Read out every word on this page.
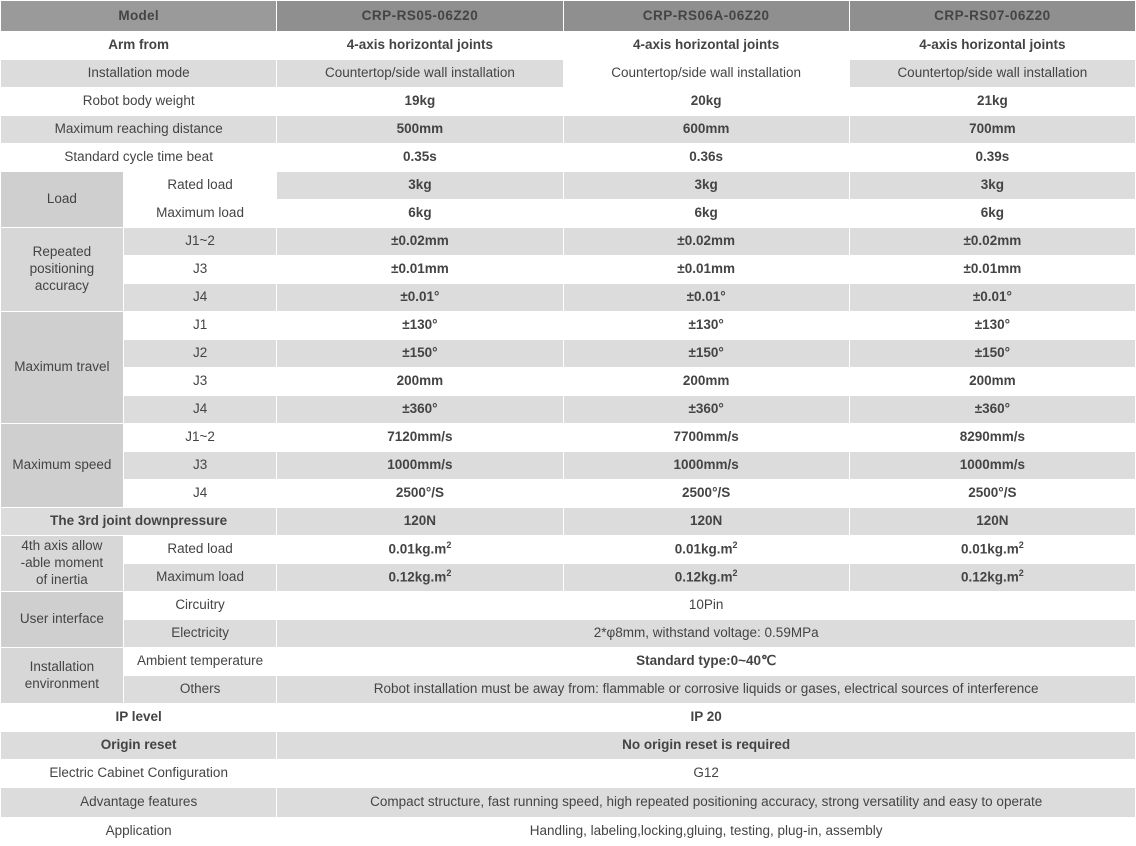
Model		CRP-RS05-06Z20	CRP-RS06A-06Z20	CRP-RS07-06Z20
Arm from		4-axis horizontal joints	4-axis horizontal joints	4-axis horizontal joints
Installation mode		Countertop/side wall installation	Countertop/side wall installation	Countertop/side wall installation
Robot body weight		19kg	20kg	21kg
Maximum reaching distance		500mm	600mm	700mm
Standard cycle time beat		0.35s	0.36s	0.39s
Load	Rated load	3kg	3kg	3kg
	Maximum load	6kg	6kg	6kg
Repeated positioning accuracy	J1~2	±0.02mm	±0.02mm	±0.02mm
	J3	±0.01mm	±0.01mm	±0.01mm
	J4	±0.01°	±0.01°	±0.01°
Maximum travel	J1	±130°	±130°	±130°
	J2	±150°	±150°	±150°
	J3	200mm	200mm	200mm
	J4	±360°	±360°	±360°
Maximum speed	J1~2	7120mm/s	7700mm/s	8290mm/s
	J3	1000mm/s	1000mm/s	1000mm/s
	J4	2500°/S	2500°/S	2500°/S
The 3rd joint downpressure		120N	120N	120N

4th axis allow
-able moment
of inertia	Rated load	$0.01kg.m^2$	$0.01kg.m^2$	$0.01kg.m^2$
	Maximum load	$0.12kg.m^2$	$0.12kg.m^2$	$0.12kg.m^2$
User interface	Circuitry	10Pin		
	Electricity	2*φ8mm, withstand voltage: 0.59MPa		
Installation environment	Ambient temperature	Standard type:0~40℃		
	Others	Robot installation must be away from: flammable or corrosive liquids or gases, electrical sources of interference		
IP level		IP 20		
Origin reset		No origin reset is required		
Electric Cabinet Configuration		G12		
Advantage features		Compact structure, fast running speed, high repeated positioning accuracy, strong versatility and easy to operate		
Application		Handling, labeling,locking,gluing, testing, plug-in, assembly		
